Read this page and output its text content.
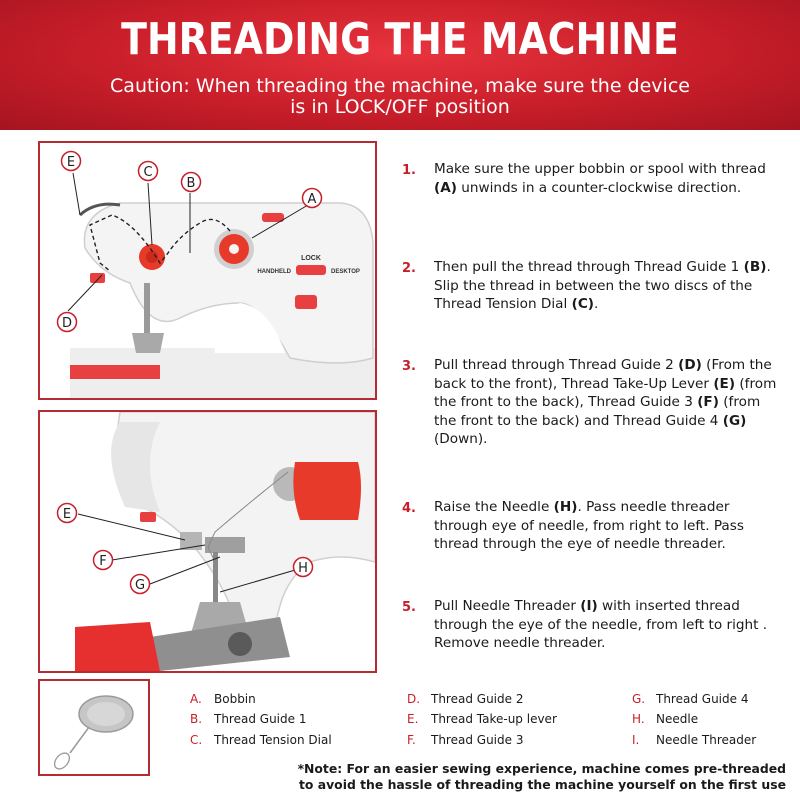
THREADING THE MACHINE
Caution: When threading the machine, make sure the device
is in LOCK/OFF position
LOCK
HANDHELD	DESKTOP
E
C
B
A
D
E
F
G
H
1. Make sure the upper bobbin or spool with thread (A) unwinds in a counter-clockwise direction.
2. Then pull the thread through Thread Guide 1 (B). Slip the thread in between the two discs of the Thread Tension Dial (C).
3. Pull thread through Thread Guide 2 (D) (From the back to the front), Thread Take-Up Lever (E) (from the front to the back), Thread Guide 3 (F) (from the front to the back) and Thread Guide 4 (G) (Down).
4. Raise the Needle (H). Pass needle threader through eye of needle, from right to left. Pass thread through the eye of needle threader.
5. Pull Needle Threader (I) with inserted thread through the eye of the needle, from left to right . Remove needle threader.
A. Bobbin
B. Thread Guide 1
C. Thread Tension Dial
D. Thread Guide 2
E. Thread Take-up lever
F. Thread Guide 3
G. Thread Guide 4
H. Needle
I. Needle Threader
*Note: For an easier sewing experience, machine comes pre-threaded
to avoid the hassle of threading the machine yourself on the first use
